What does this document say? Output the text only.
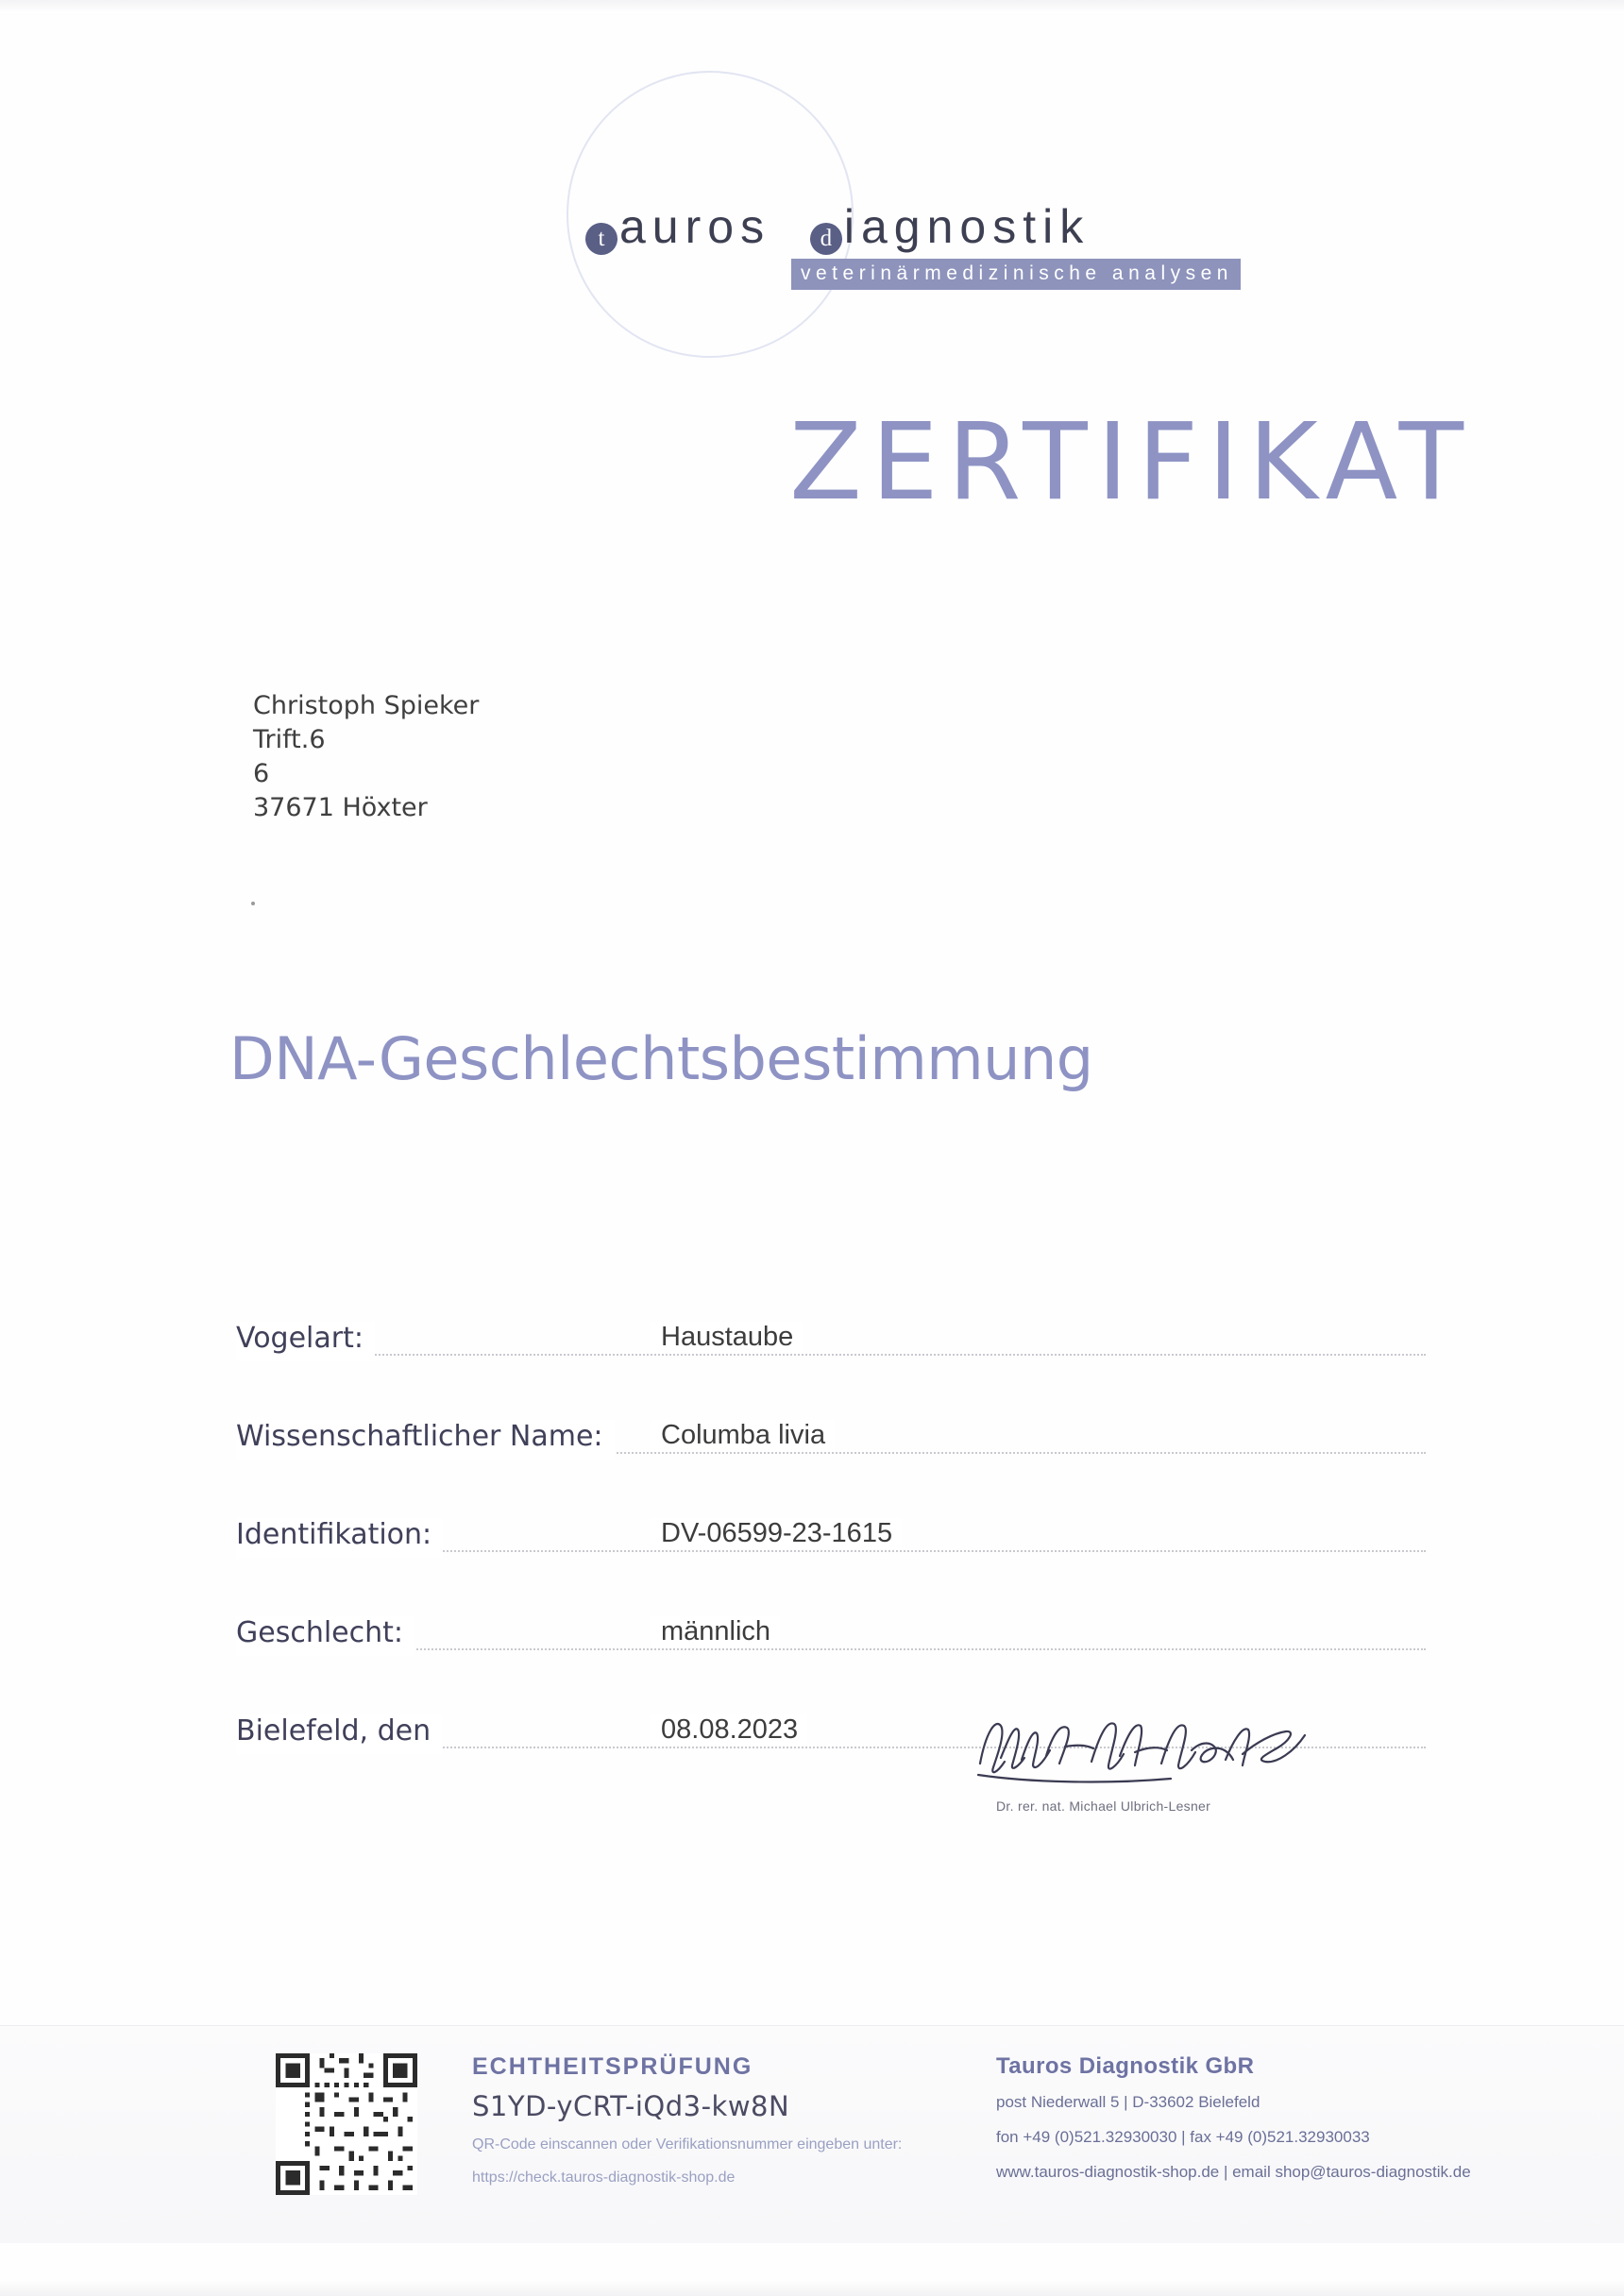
t auros d iagnostik
veterinärmedizinische analysen
ZERTIFIKAT
Christoph Spieker
Trift.6
6
37671 Höxter
DNA-Geschlechtsbestimmung
Vogelart:	Haustaube
Wissenschaftlicher Name:	Columba livia
Identifikation:	DV-06599-23-1615
Geschlecht:	männlich
Bielefeld, den	08.08.2023
Dr. rer. nat. Michael Ulbrich-Lesner
ECHTHEITSPRÜFUNG
S1YD-yCRT-iQd3-kw8N
QR-Code einscannen oder Verifikationsnummer eingeben unter:
https://check.tauros-diagnostik-shop.de
Tauros Diagnostik GbR
post Niederwall 5 | D-33602 Bielefeld
fon +49 (0)521.32930030 | fax +49 (0)521.32930033
www.tauros-diagnostik-shop.de | email shop@tauros-diagnostik.de
